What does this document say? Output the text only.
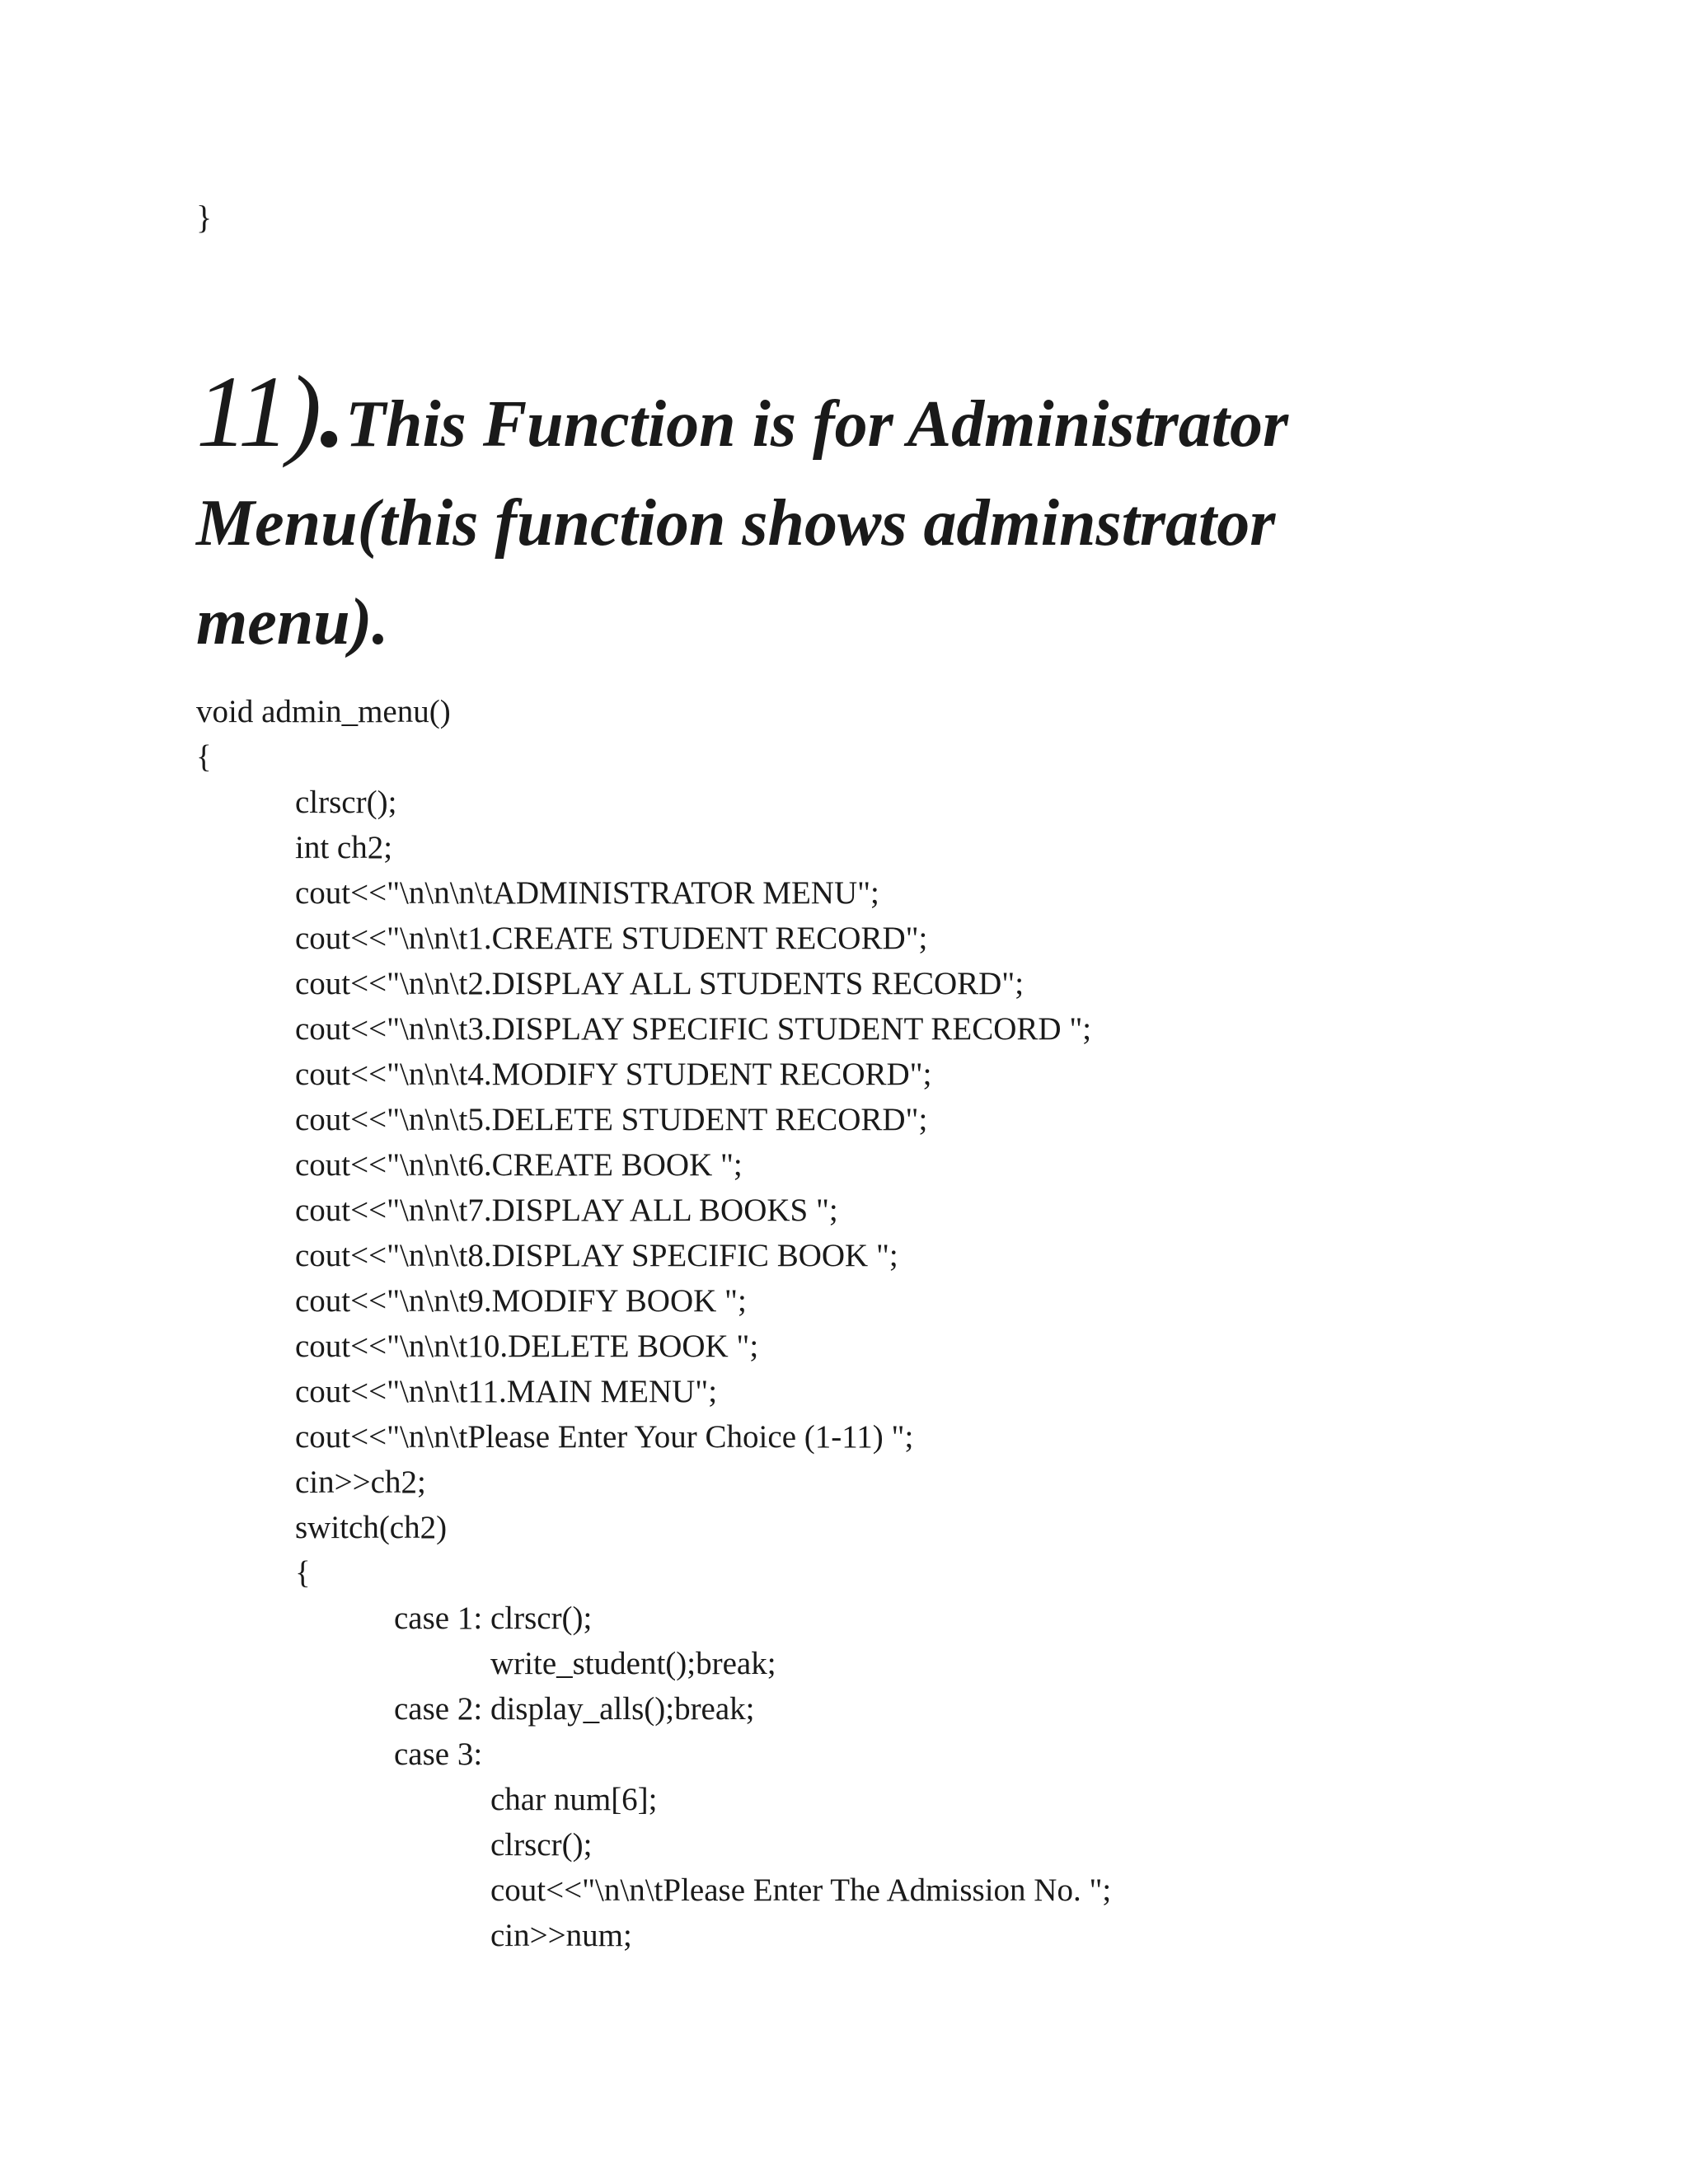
}
11).This Function is for Administrator
Menu(this function shows adminstrator
menu).
void admin_menu()
{
clrscr();
int ch2;
cout<<"\n\n\n\tADMINISTRATOR MENU";
cout<<"\n\n\t1.CREATE STUDENT RECORD";
cout<<"\n\n\t2.DISPLAY ALL STUDENTS RECORD";
cout<<"\n\n\t3.DISPLAY SPECIFIC STUDENT RECORD ";
cout<<"\n\n\t4.MODIFY STUDENT RECORD";
cout<<"\n\n\t5.DELETE STUDENT RECORD";
cout<<"\n\n\t6.CREATE BOOK ";
cout<<"\n\n\t7.DISPLAY ALL BOOKS ";
cout<<"\n\n\t8.DISPLAY SPECIFIC BOOK ";
cout<<"\n\n\t9.MODIFY BOOK ";
cout<<"\n\n\t10.DELETE BOOK ";
cout<<"\n\n\t11.MAIN MENU";
cout<<"\n\n\tPlease Enter Your Choice (1-11) ";
cin>>ch2;
switch(ch2)
{
case 1: clrscr();
write_student();break;
case 2: display_alls();break;
case 3:
char num[6];
clrscr();
cout<<"\n\n\tPlease Enter The Admission No. ";
cin>>num;
